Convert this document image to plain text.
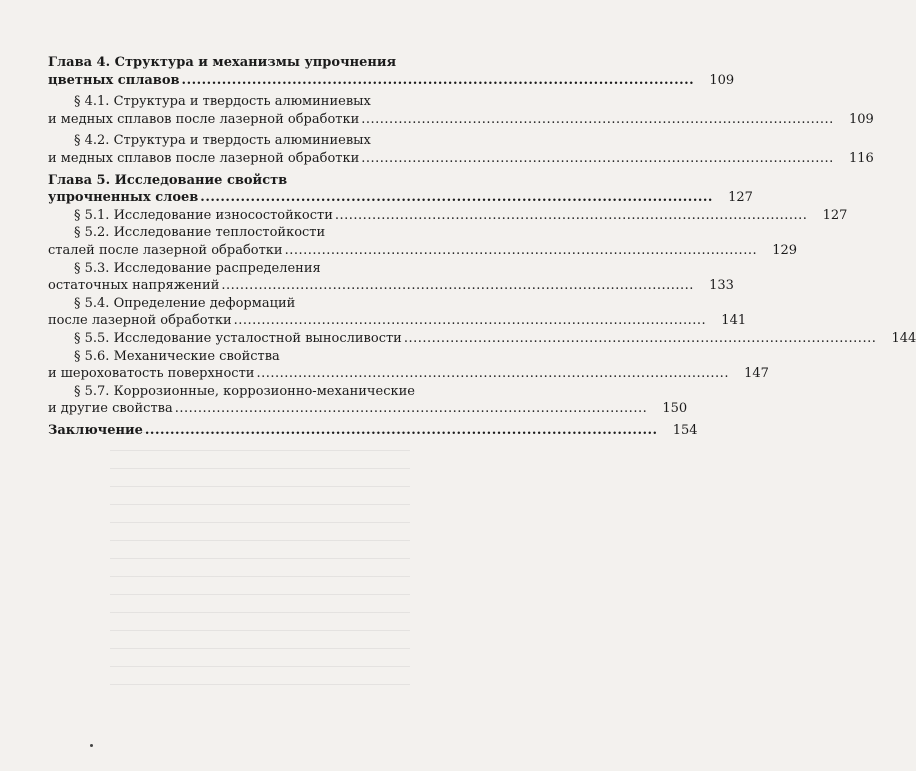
Глава 4. Структура и механизмы упрочнения
цветных сплавов ......................................................................................................	109
§ 4.1. Структура и твердость алюминиевых
и медных сплавов после лазерной обработки ......................................................................................................	109
§ 4.2. Структура и твердость алюминиевых
и медных сплавов после лазерной обработки ......................................................................................................	116
Глава 5. Исследование свойств
упрочненных слоев ......................................................................................................	127
§ 5.1. Исследование износостойкости ......................................................................................................	127
§ 5.2. Исследование теплостойкости
сталей после лазерной обработки ......................................................................................................	129
§ 5.3. Исследование распределения
остаточных напряжений ......................................................................................................	133
§ 5.4. Определение деформаций
после лазерной обработки ......................................................................................................	141
§ 5.5. Исследование усталостной выносливости ......................................................................................................	144
§ 5.6. Механические свойства
и шероховатость поверхности ......................................................................................................	147
§ 5.7. Коррозионные, коррозионно-механические
и другие свойства ......................................................................................................	150
Заключение ......................................................................................................	154
